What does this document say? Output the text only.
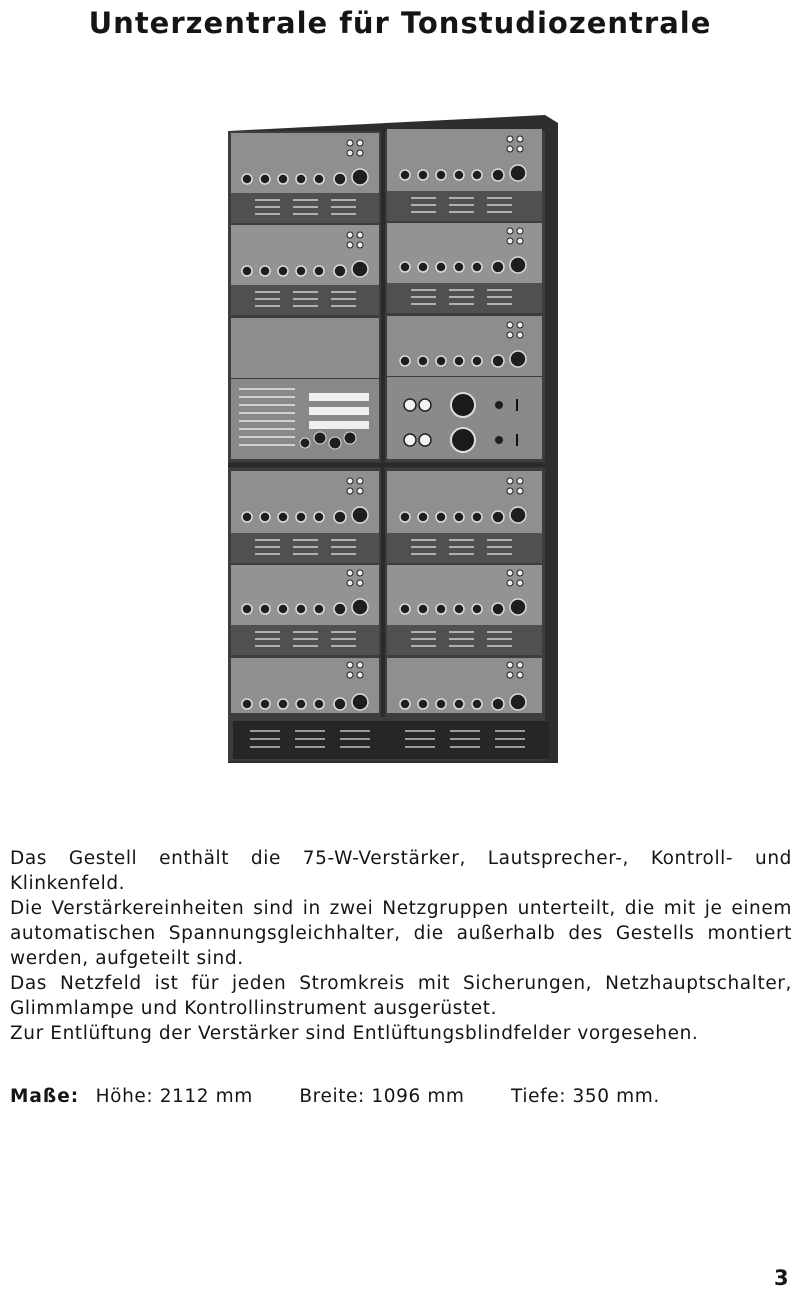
Unterzentrale für Tonstudiozentrale

Das Gestell enthält die 75-W-Verstärker, Lautsprecher-, Kontroll- und Klinkenfeld.

Die Verstärkereinheiten sind in zwei Netzgruppen unterteilt, die mit je einem automatischen Spannungsgleichhalter, die außerhalb des Gestells montiert werden, aufgeteilt sind.

Das Netzfeld ist für jeden Stromkreis mit Sicherungen, Netzhauptschalter, Glimmlampe und Kontrollinstrument ausgerüstet.

Zur Entlüftung der Verstärker sind Entlüftungsblindfelder vorgesehen.

Maße: Höhe: 2112 mm	Breite: 1096 mm	Tiefe: 350 mm.
3
